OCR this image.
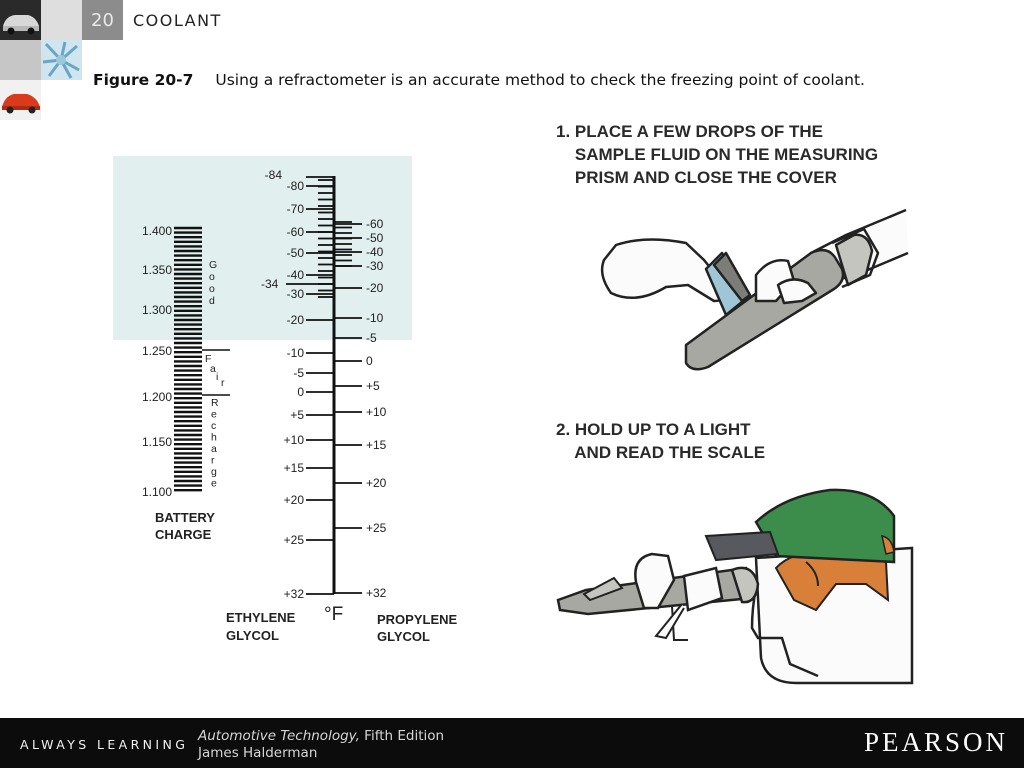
20	COOLANT
Figure 20-7 Using a refractometer is an accurate method to check the freezing point of coolant.
1.400
1.350
1.300
1.250
1.200
1.150
1.100
G
o
o
d
R
e
c
h
a
r
g
e
F
a
i r
-84
-80
-70
-60
-50
-40
-34
-30
-20
-10
-5
0
+5
+10
+15
+20
+25
+32
-60
-50
-40
-30
-20
-10
-5
0
+5
+10
+15
+20
+25
+32
BATTERY
CHARGE
°F
ETHYLENE
GLYCOL
PROPYLENE
GLYCOL
1. PLACE A FEW DROPS OF THE
SAMPLE FLUID ON THE MEASURING
PRISM AND CLOSE THE COVER
2. HOLD UP TO A LIGHT
AND READ THE SCALE
ALWAYS LEARNING
Automotive Technology, Fifth Edition
James Halderman	PEARSON
